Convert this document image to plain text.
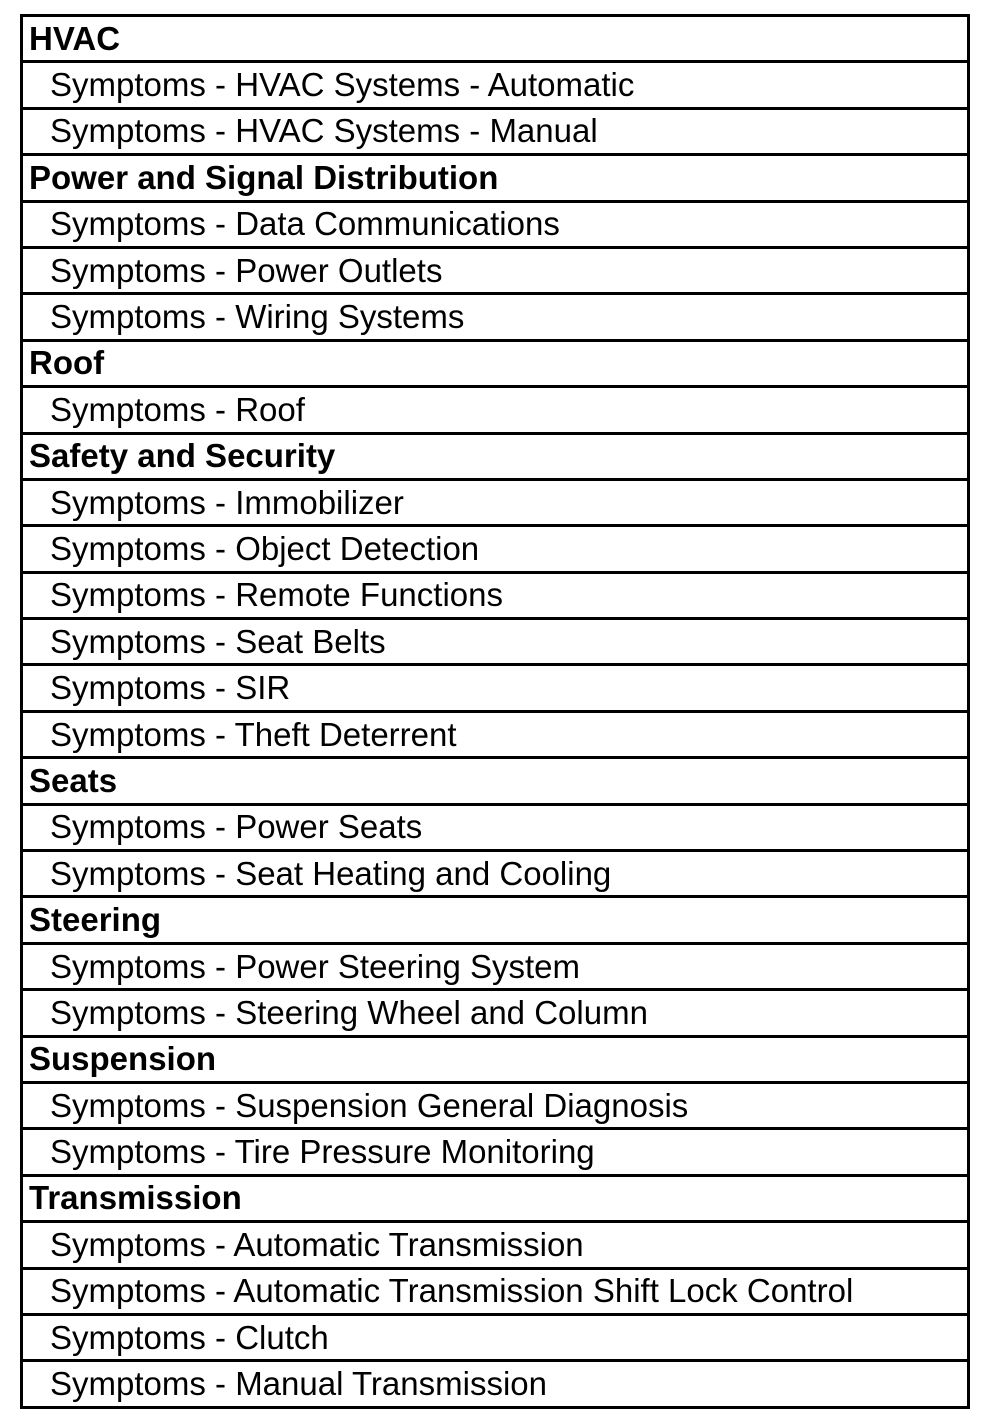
HVAC
Symptoms - HVAC Systems - Automatic
Symptoms - HVAC Systems - Manual
Power and Signal Distribution
Symptoms - Data Communications
Symptoms - Power Outlets
Symptoms - Wiring Systems
Roof
Symptoms - Roof
Safety and Security
Symptoms - Immobilizer
Symptoms - Object Detection
Symptoms - Remote Functions
Symptoms - Seat Belts
Symptoms - SIR
Symptoms - Theft Deterrent
Seats
Symptoms - Power Seats
Symptoms - Seat Heating and Cooling
Steering
Symptoms - Power Steering System
Symptoms - Steering Wheel and Column
Suspension
Symptoms - Suspension General Diagnosis
Symptoms - Tire Pressure Monitoring
Transmission
Symptoms - Automatic Transmission
Symptoms - Automatic Transmission Shift Lock Control
Symptoms - Clutch
Symptoms - Manual Transmission
